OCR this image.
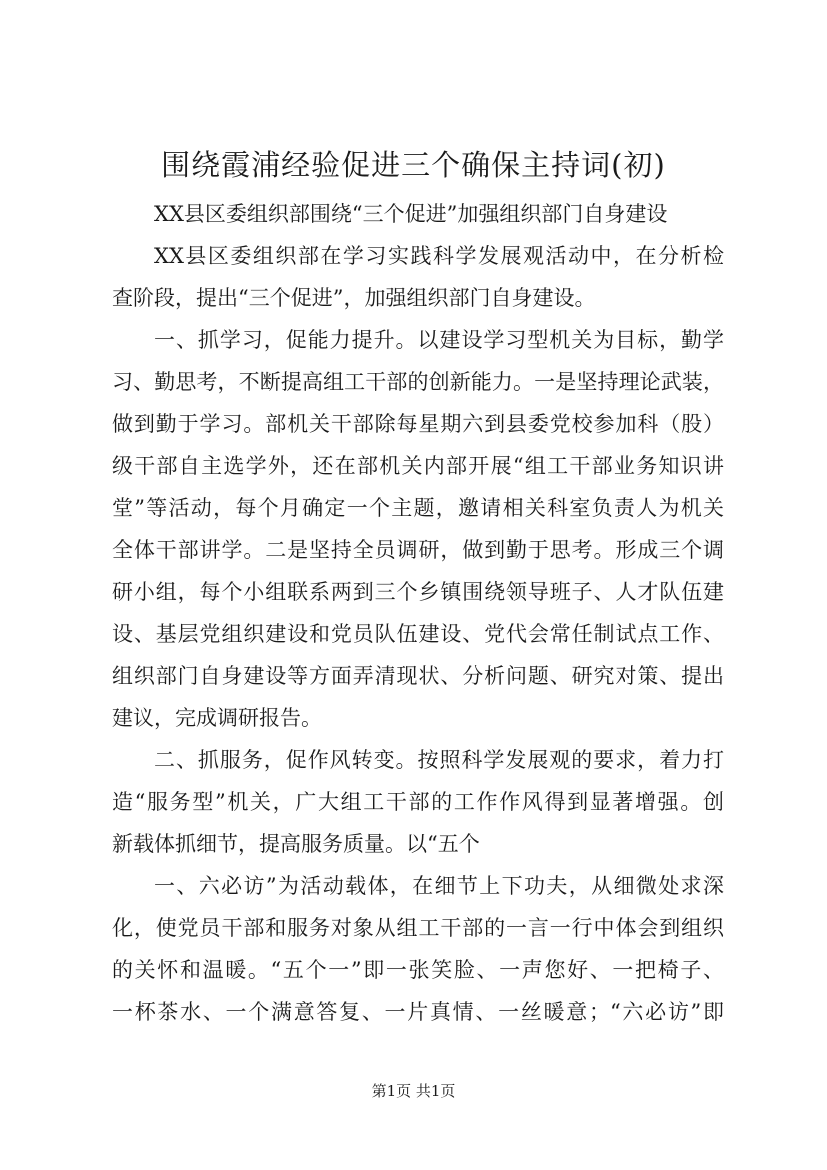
围绕霞浦经验促进三个确保主持词(初)
XX县区委组织部围绕“三个促进”加强组织部门自身建设
XX县区委组织部在学习实践科学发展观活动中，在分析检
查阶段，提出“三个促进”，加强组织部门自身建设。
一、抓学习，促能力提升。以建设学习型机关为目标，勤学
习、勤思考，不断提高组工干部的创新能力。一是坚持理论武装，
做到勤于学习。部机关干部除每星期六到县委党校参加科（股）
级干部自主选学外，还在部机关内部开展“组工干部业务知识讲
堂”等活动，每个月确定一个主题，邀请相关科室负责人为机关
全体干部讲学。二是坚持全员调研，做到勤于思考。形成三个调
研小组，每个小组联系两到三个乡镇围绕领导班子、人才队伍建
设、基层党组织建设和党员队伍建设、党代会常任制试点工作、
组织部门自身建设等方面弄清现状、分析问题、研究对策、提出
建议，完成调研报告。
二、抓服务，促作风转变。按照科学发展观的要求，着力打
造“服务型”机关，广大组工干部的工作作风得到显著增强。创
新载体抓细节，提高服务质量。以“五个
一、六必访”为活动载体，在细节上下功夫，从细微处求深
化，使党员干部和服务对象从组工干部的一言一行中体会到组织
的关怀和温暖。“五个一”即一张笑脸、一声您好、一把椅子、
一杯茶水、一个满意答复、一片真情、一丝暖意；“六必访”即
第1页 共1页
